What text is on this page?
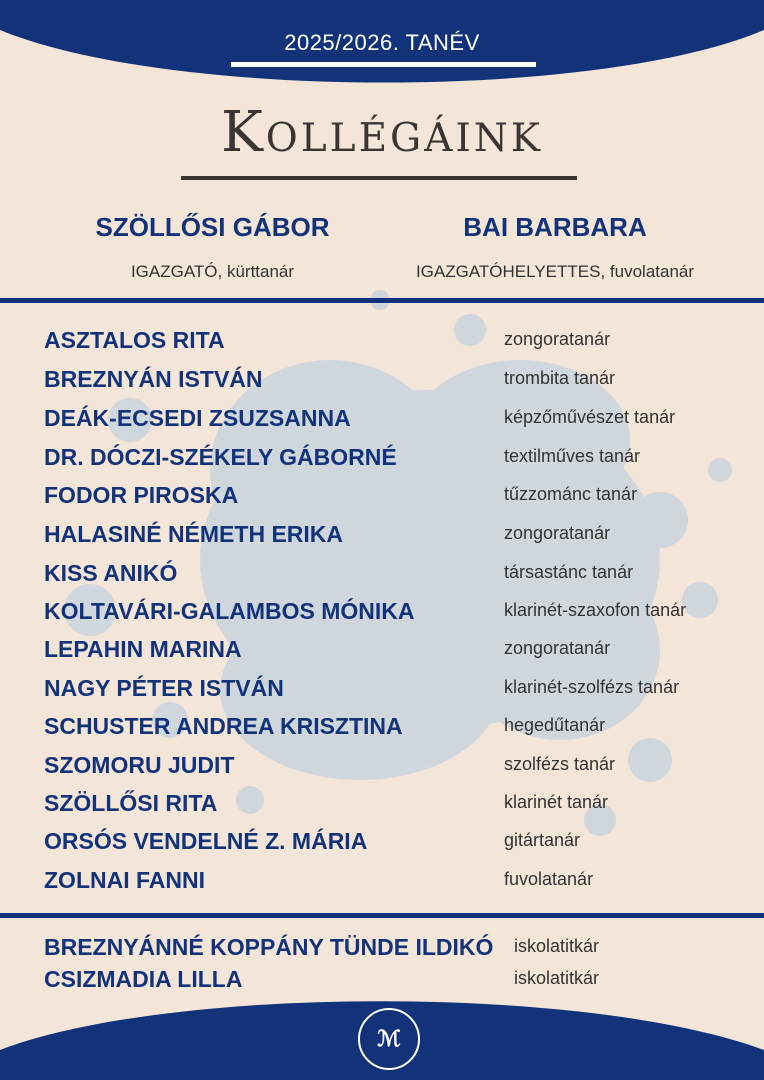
2025/2026. TANÉV
Kollégáink
SZÖLLŐSI GÁBOR
IGAZGATÓ, kürttanár
BAI BARBARA
IGAZGATÓHELYETTES, fuvolatanár
ASZTALOS RITA	zongoratanár
BREZNYÁN ISTVÁN	trombita tanár
DEÁK-ECSEDI ZSUZSANNA	képzőművészet tanár
DR. DÓCZI-SZÉKELY GÁBORNÉ	textilműves tanár
FODOR PIROSKA	tűzzománc tanár
HALASINÉ NÉMETH ERIKA	zongoratanár
KISS ANIKÓ	társastánc tanár
KOLTAVÁRI-GALAMBOS MÓNIKA	klarinét-szaxofon tanár
LEPAHIN MARINA	zongoratanár
NAGY PÉTER ISTVÁN	klarinét-szolfézs tanár
SCHUSTER ANDREA KRISZTINA	hegedűtanár
SZOMORU JUDIT	szolfézs tanár
SZÖLLŐSI RITA	klarinét tanár
ORSÓS VENDELNÉ Z. MÁRIA	gitártanár
ZOLNAI FANNI	fuvolatanár
BREZNYÁNNÉ KOPPÁNY TÜNDE ILDIKÓ iskolatitkár
CSIZMADIA LILLA	iskolatitkár
ℳ
